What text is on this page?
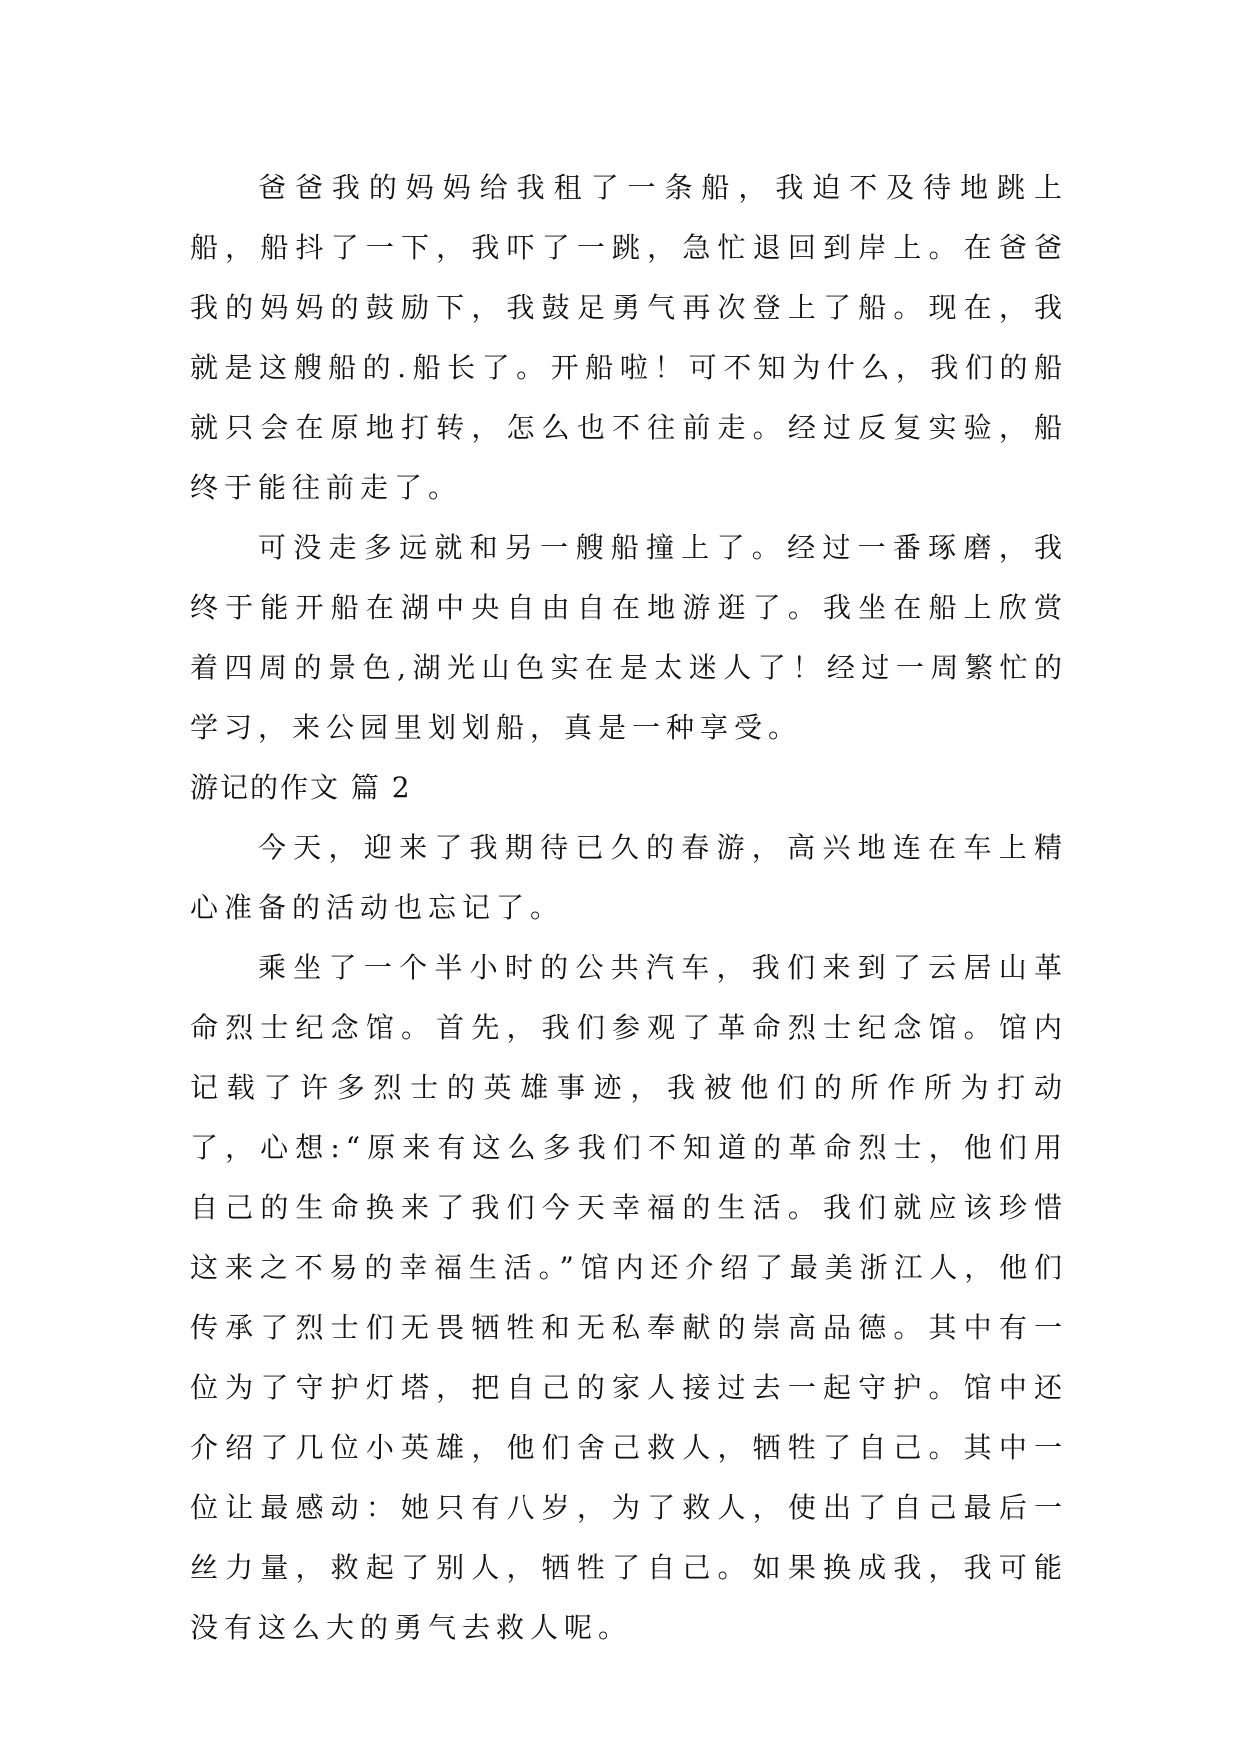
爸爸我的妈妈给我租了一条船，我迫不及待地跳上船，船抖了一下，我吓了一跳，急忙退回到岸上。在爸爸我的妈妈的鼓励下，我鼓足勇气再次登上了船。现在，我就是这艘船的.船长了。开船啦！可不知为什么，我们的船就只会在原地打转，怎么也不往前走。经过反复实验，船终于能往前走了。

可没走多远就和另一艘船撞上了。经过一番琢磨，我终于能开船在湖中央自由自在地游逛了。我坐在船上欣赏着四周的景色,湖光山色实在是太迷人了！经过一周繁忙的学习，来公园里划划船，真是一种享受。

游记的作文 篇 2

今天，迎来了我期待已久的春游，高兴地连在车上精心准备的活动也忘记了。

乘坐了一个半小时的公共汽车，我们来到了云居山革命烈士纪念馆。首先，我们参观了革命烈士纪念馆。馆内记载了许多烈士的英雄事迹，我被他们的所作所为打动了，心想:“原来有这么多我们不知道的革命烈士，他们用自己的生命换来了我们今天幸福的生活。我们就应该珍惜这来之不易的幸福生活。”馆内还介绍了最美浙江人，他们传承了烈士们无畏牺牲和无私奉献的崇高品德。其中有一位为了守护灯塔，把自己的家人接过去一起守护。馆中还介绍了几位小英雄，他们舍己救人，牺牲了自己。其中一位让最感动：她只有八岁，为了救人，使出了自己最后一丝力量，救起了别人，牺牲了自己。如果换成我，我可能没有这么大的勇气去救人呢。
